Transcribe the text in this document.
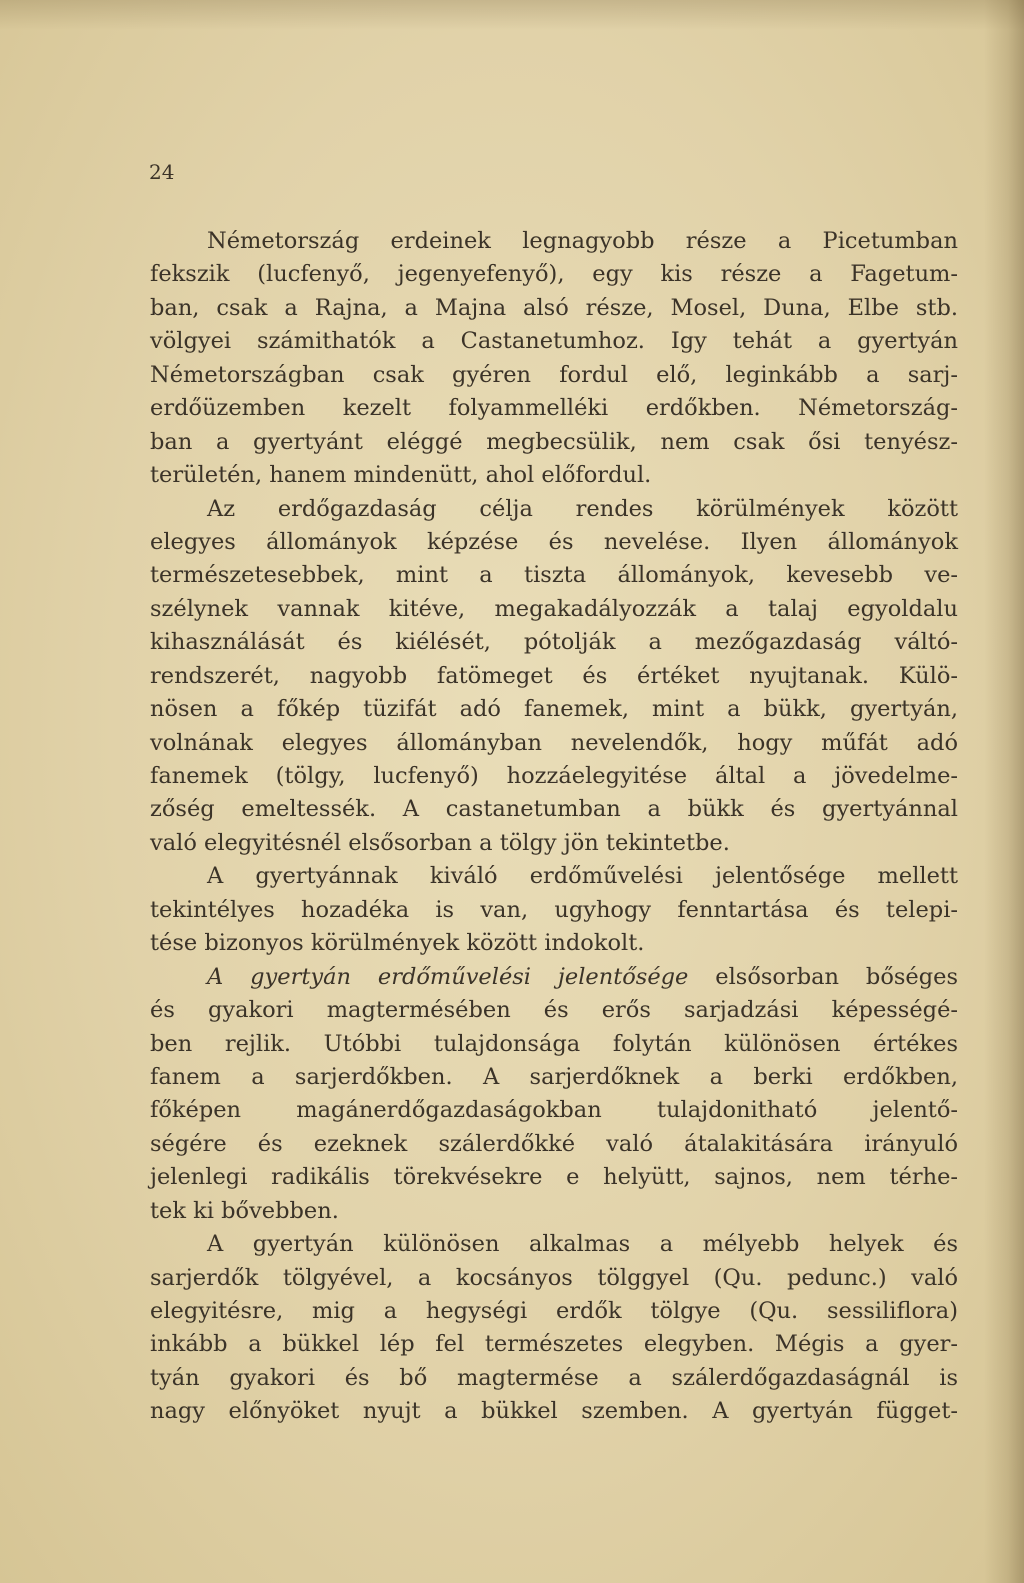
24
Németország erdeinek legnagyobb része a Picetumban
fekszik (lucfenyő, jegenyefenyő), egy kis része a Fagetum-
ban, csak a Rajna, a Majna alsó része, Mosel, Duna, Elbe stb.
völgyei számithatók a Castanetumhoz. Igy tehát a gyertyán
Németországban csak gyéren fordul elő, leginkább a sarj-
erdőüzemben kezelt folyammelléki erdőkben. Németország-
ban a gyertyánt eléggé megbecsülik, nem csak ősi tenyész-
területén, hanem mindenütt, ahol előfordul.
Az erdőgazdaság célja rendes körülmények között
elegyes állományok képzése és nevelése. Ilyen állományok
természetesebbek, mint a tiszta állományok, kevesebb ve-
szélynek vannak kitéve, megakadályozzák a talaj egyoldalu
kihasználását és kiélését, pótolják a mezőgazdaság váltó-
rendszerét, nagyobb fatömeget és értéket nyujtanak. Külö-
nösen a főkép tüzifát adó fanemek, mint a bükk, gyertyán,
volnának elegyes állományban nevelendők, hogy műfát adó
fanemek (tölgy, lucfenyő) hozzáelegyitése által a jövedelme-
zőség emeltessék. A castanetumban a bükk és gyertyánnal
való elegyitésnél elsősorban a tölgy jön tekintetbe.
A gyertyánnak kiváló erdőművelési jelentősége mellett
tekintélyes hozadéka is van, ugyhogy fenntartása és telepi-
tése bizonyos körülmények között indokolt.
A gyertyán erdőművelési jelentősége elsősorban bőséges
és gyakori magtermésében és erős sarjadzási képességé-
ben rejlik. Utóbbi tulajdonsága folytán különösen értékes
fanem a sarjerdőkben. A sarjerdőknek a berki erdőkben,
főképen magánerdőgazdaságokban tulajdonitható jelentő-
ségére és ezeknek szálerdőkké való átalakitására irányuló
jelenlegi radikális törekvésekre e helyütt, sajnos, nem térhe-
tek ki bővebben.
A gyertyán különösen alkalmas a mélyebb helyek és
sarjerdők tölgyével, a kocsányos tölggyel (Qu. pedunc.) való
elegyitésre, mig a hegységi erdők tölgye (Qu. sessiliflora)
inkább a bükkel lép fel természetes elegyben. Mégis a gyer-
tyán gyakori és bő magtermése a szálerdőgazdaságnál is
nagy előnyöket nyujt a bükkel szemben. A gyertyán függet-
